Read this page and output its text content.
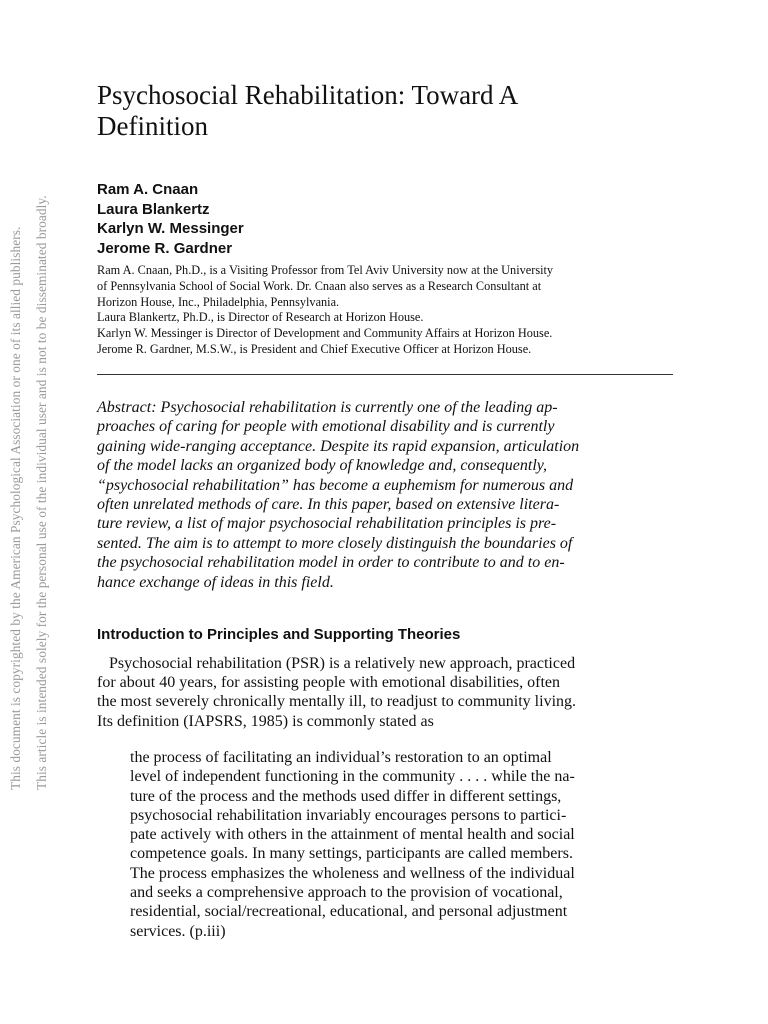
This document is copyrighted by the American Psychological Association or one of its allied publishers. This article is intended solely for the personal use of the individual user and is not to be disseminated broadly.
Psychosocial Rehabilitation: Toward A
Definition
Ram A. Cnaan
Laura Blankertz
Karlyn W. Messinger
Jerome R. Gardner

Ram A. Cnaan, Ph.D., is a Visiting Professor from Tel Aviv University now at the University

of Pennsylvania School of Social Work. Dr. Cnaan also serves as a Research Consultant at

Horizon House, Inc., Philadelphia, Pennsylvania.

Laura Blankertz, Ph.D., is Director of Research at Horizon House.

Karlyn W. Messinger is Director of Development and Community Affairs at Horizon House.

Jerome R. Gardner, M.S.W., is President and Chief Executive Officer at Horizon House.

Abstract: Psychosocial rehabilitation is currently one of the leading ap-
proaches of caring for people with emotional disability and is currently
gaining wide-ranging acceptance. Despite its rapid expansion, articulation
of the model lacks an organized body of knowledge and, consequently,
“psychosocial rehabilitation” has become a euphemism for numerous and
often unrelated methods of care. In this paper, based on extensive litera-
ture review, a list of major psychosocial rehabilitation principles is pre-
sented. The aim is to attempt to more closely distinguish the boundaries of
the psychosocial rehabilitation model in order to contribute to and to en-
hance exchange of ideas in this field.
Introduction to Principles and Supporting Theories
Psychosocial rehabilitation (PSR) is a relatively new approach, practiced
for about 40 years, for assisting people with emotional disabilities, often
the most severely chronically mentally ill, to readjust to community living.
Its definition (IAPSRS, 1985) is commonly stated as
the process of facilitating an individual’s restoration to an optimal
level of independent functioning in the community . . . . while the na-
ture of the process and the methods used differ in different settings,
psychosocial rehabilitation invariably encourages persons to partici-
pate actively with others in the attainment of mental health and social
competence goals. In many settings, participants are called members.
The process emphasizes the wholeness and wellness of the individual
and seeks a comprehensive approach to the provision of vocational,
residential, social/recreational, educational, and personal adjustment
services. (p.iii)
